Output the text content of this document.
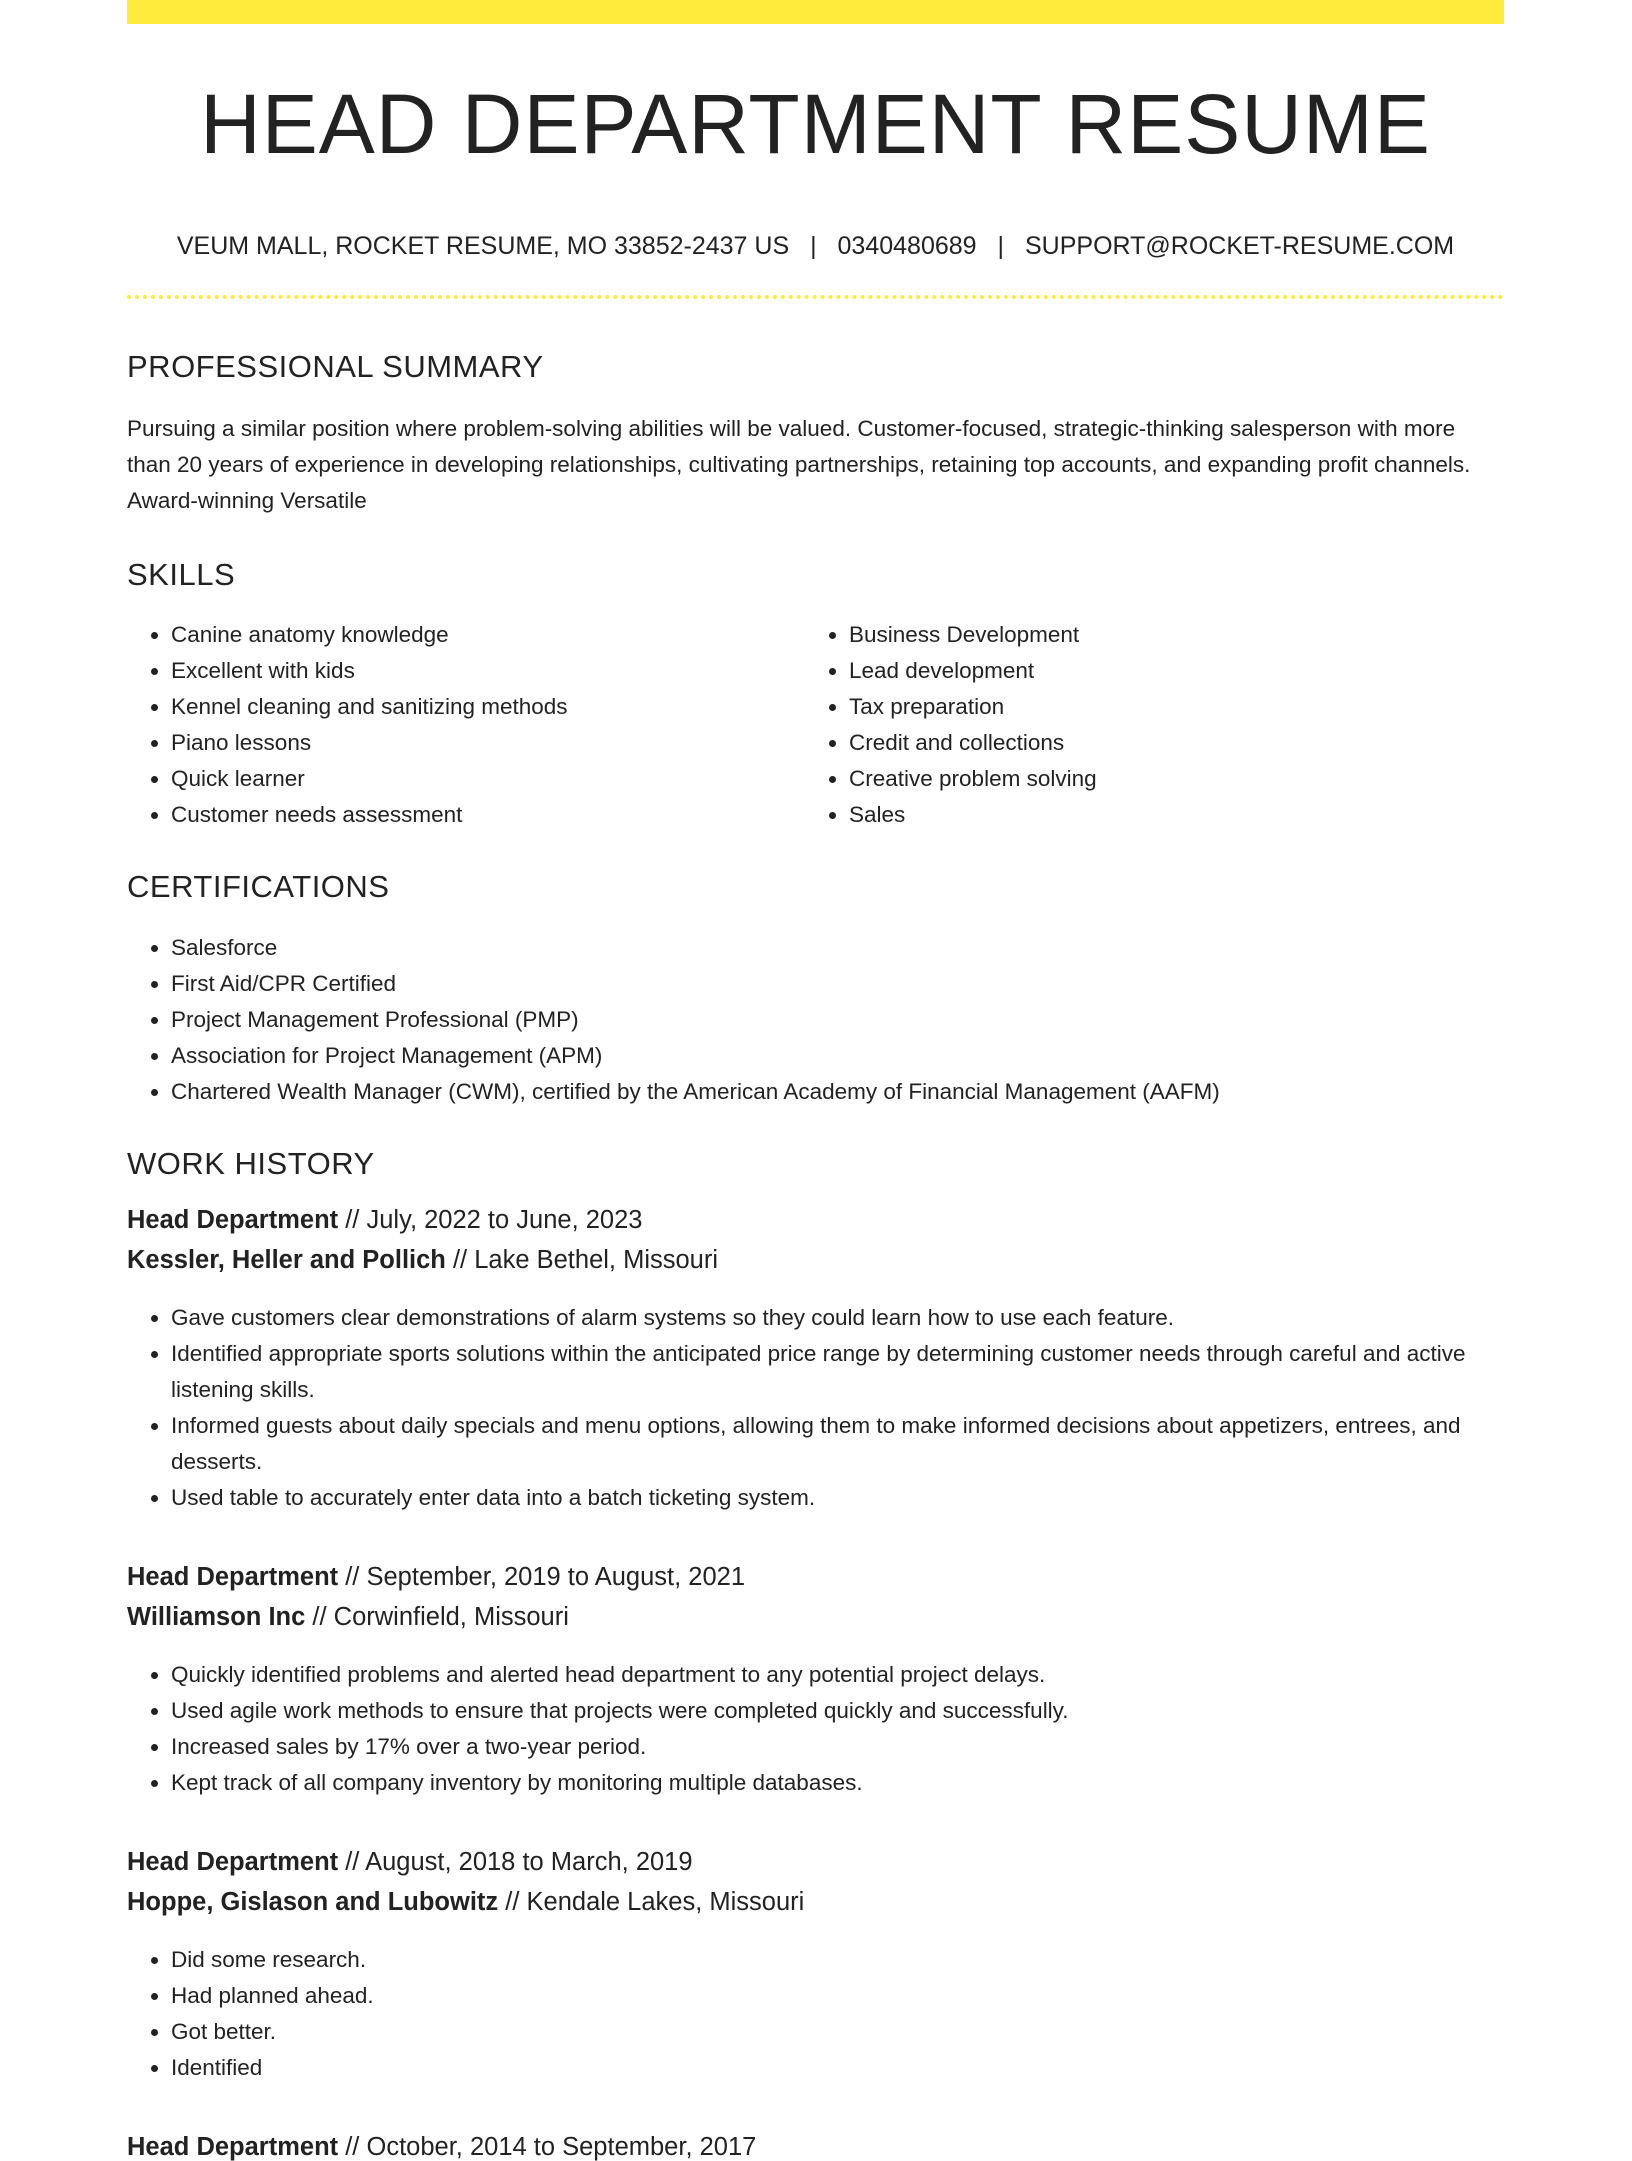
HEAD DEPARTMENT RESUME
VEUM MALL, ROCKET RESUME, MO 33852-2437 US | 0340480689 | SUPPORT@ROCKET-RESUME.COM
PROFESSIONAL SUMMARY

Pursuing a similar position where problem-solving abilities will be valued. Customer-focused, strategic-thinking salesperson with more than 20 years of experience in developing relationships, cultivating partnerships, retaining top accounts, and expanding profit channels. Award-winning Versatile

SKILLS
• Canine anatomy knowledge
• Excellent with kids
• Kennel cleaning and sanitizing methods
• Piano lessons
• Quick learner
• Customer needs assessment
• Business Development
• Lead development
• Tax preparation
• Credit and collections
• Creative problem solving
• Sales
CERTIFICATIONS
• Salesforce
• First Aid/CPR Certified
• Project Management Professional (PMP)
• Association for Project Management (APM)
• Chartered Wealth Manager (CWM), certified by the American Academy of Financial Management (AAFM)
WORK HISTORY
Head Department // July, 2022 to June, 2023
Kessler, Heller and Pollich // Lake Bethel, Missouri
• Gave customers clear demonstrations of alarm systems so they could learn how to use each feature.
• Identified appropriate sports solutions within the anticipated price range by determining customer needs through careful and active listening skills.
• Informed guests about daily specials and menu options, allowing them to make informed decisions about appetizers, entrees, and desserts.
• Used table to accurately enter data into a batch ticketing system.
Head Department // September, 2019 to August, 2021
Williamson Inc // Corwinfield, Missouri
• Quickly identified problems and alerted head department to any potential project delays.
• Used agile work methods to ensure that projects were completed quickly and successfully.
• Increased sales by 17% over a two-year period.
• Kept track of all company inventory by monitoring multiple databases.
Head Department // August, 2018 to March, 2019
Hoppe, Gislason and Lubowitz // Kendale Lakes, Missouri
• Did some research.
• Had planned ahead.
• Got better.
• Identified
Head Department // October, 2014 to September, 2017
